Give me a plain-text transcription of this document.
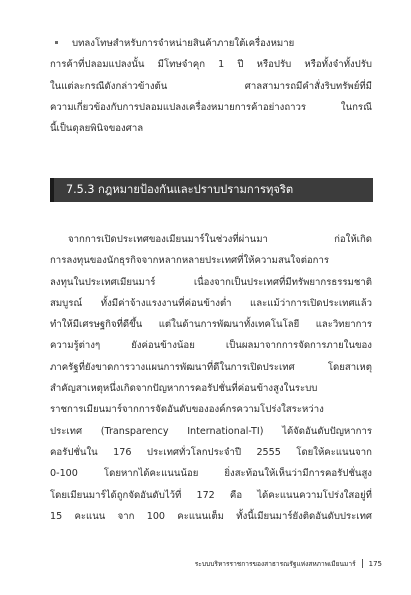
บทลงโทษสำหรับการจำหน่ายสินค้าภายใต้เครื่องหมาย
การค้าที่ปลอมแปลงนั้น มีโทษจำคุก 1 ปี หรือปรับ หรือทั้งจำทั้งปรับ
ในแต่ละกรณีดังกล่าวข้างต้น ศาลสามารถมีคำสั่งริบทรัพย์ที่มี
ความเกี่ยวข้องกับการปลอมแปลงเครื่องหมายการค้าอย่างถาวร ในกรณี
นี้เป็นดุลยพินิจของศาล
7.5.3 กฎหมายป้องกันและปราบปรามการทุจริต
จากการเปิดประเทศของเมียนมาร์ในช่วงที่ผ่านมา ก่อให้เกิด
การลงทุนของนักธุรกิจจากหลากหลายประเทศที่ให้ความสนใจต่อการ
ลงทุนในประเทศเมียนมาร์ เนื่องจากเป็นประเทศที่มีทรัพยากรธรรมชาติ
สมบูรณ์ ทั้งมีค่าจ้างแรงงานที่ค่อนข้างต่ำ และแม้ว่าการเปิดประเทศแล้ว
ทำให้มีเศรษฐกิจที่ดีขึ้น แต่ในด้านการพัฒนาทั้งเทคโนโลยี และวิทยาการ
ความรู้ต่างๆ ยังค่อนข้างน้อย เป็นผลมาจากการจัดการภายในของ
ภาครัฐที่ยังขาดการวางแผนการพัฒนาที่ดีในการเปิดประเทศ โดยสาเหตุ
สำคัญสาเหตุหนึ่งเกิดจากปัญหาการคอรัปชั่นที่ค่อนข้างสูงในระบบ
ราชการเมียนมาร์จากการจัดอันดับขององค์กรความโปร่งใสระหว่าง
ประเทศ (Transparency International-TI) ได้จัดอันดับปัญหาการ
คอรัปชั่นใน 176 ประเทศทั่วโลกประจำปี 2555 โดยให้คะแนนจาก
0-100 โดยหากได้คะแนนน้อย ยิ่งสะท้อนให้เห็นว่ามีการคอรัปชั่นสูง
โดยเมียนมาร์ได้ถูกจัดอันดับไว้ที่ 172 คือ ได้คะแนนความโปร่งใสอยู่ที่
15 คะแนน จาก 100 คะแนนเต็ม ทั้งนี้เมียนมาร์ยังติดอันดับประเทศ
ระบบบริหารราชการของสาธารณรัฐแห่งสหภาพเมียนมาร์ 175
